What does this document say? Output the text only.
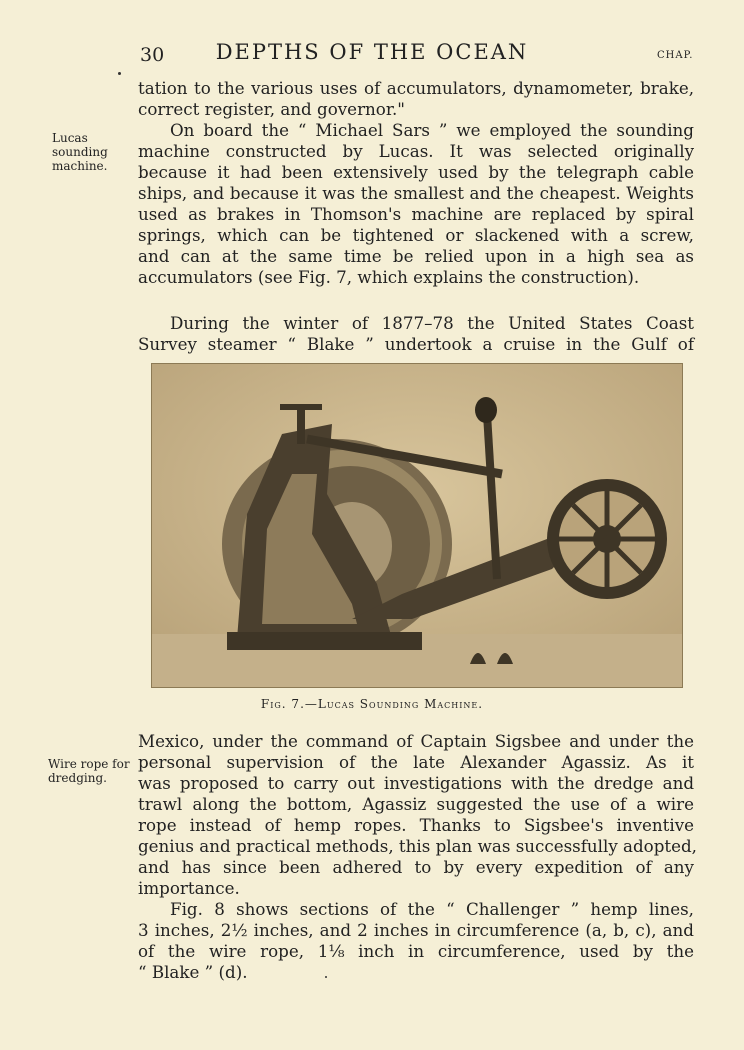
30	DEPTHS OF THE OCEAN	CHAP.
Lucas
sounding
machine.
Wire rope for
dredging.
tation to the various uses of accumulators, dynamometer, brake,
correct register, and governor."
On board the “ Michael Sars ” we employed the sounding
machine constructed by Lucas. It was selected originally
because it had been extensively used by the telegraph cable
ships, and because it was the smallest and the cheapest. Weights
used as brakes in Thomson's machine are replaced by spiral
springs, which can be tightened or slackened with a screw,
and can at the same time be relied upon in a high sea as
accumulators (see Fig. 7, which explains the construction).
During the winter of 1877–78 the United States Coast
Survey steamer “ Blake ” undertook a cruise in the Gulf of
Fig. 7.—Lucas Sounding Machine.
Mexico, under the command of Captain Sigsbee and under the
personal supervision of the late Alexander Agassiz. As it
was proposed to carry out investigations with the dredge and
trawl along the bottom, Agassiz suggested the use of a wire
rope instead of hemp ropes. Thanks to Sigsbee's inventive
genius and practical methods, this plan was successfully adopted,
and has since been adhered to by every expedition of any
importance.
Fig. 8 shows sections of the “ Challenger ” hemp lines,
3 inches, 2½ inches, and 2 inches in circumference (a, b, c), and
of the wire rope, 1⅛ inch in circumference, used by the
“ Blake ” (d).
